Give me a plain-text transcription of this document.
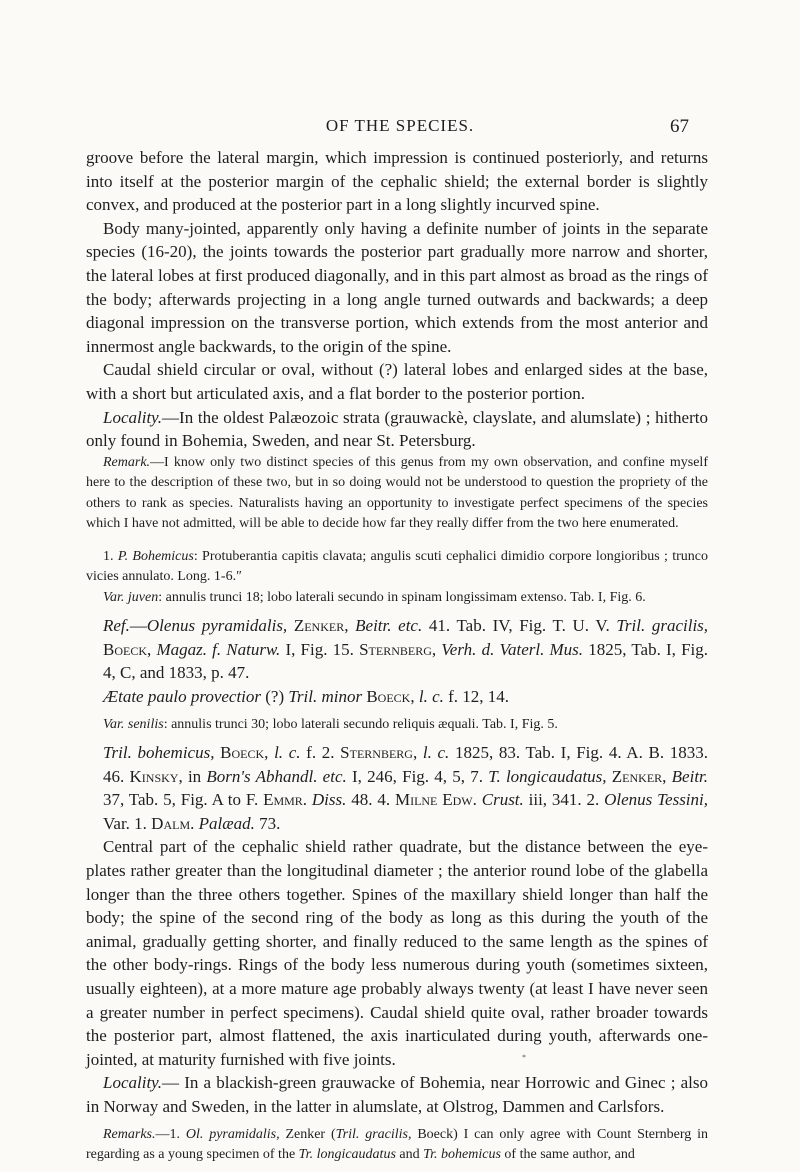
OF THE SPECIES.	67

groove before the lateral margin, which impression is continued posteriorly, and returns into itself at the posterior margin of the cephalic shield; the external border is slightly convex, and produced at the posterior part in a long slightly incurved spine.

Body many-jointed, apparently only having a definite number of joints in the separate species (16-20), the joints towards the posterior part gradually more narrow and shorter, the lateral lobes at first produced diagonally, and in this part almost as broad as the rings of the body; afterwards projecting in a long angle turned outwards and backwards; a deep diagonal impression on the transverse portion, which extends from the most anterior and innermost angle backwards, to the origin of the spine.

Caudal shield circular or oval, without (?) lateral lobes and enlarged sides at the base, with a short but articulated axis, and a flat border to the posterior portion.

Locality.—In the oldest Palæozoic strata (grauwackè, clayslate, and alumslate) ; hitherto only found in Bohemia, Sweden, and near St. Petersburg.

Remark.—I know only two distinct species of this genus from my own observation, and confine myself here to the description of these two, but in so doing would not be understood to question the propriety of the others to rank as species. Naturalists having an opportunity to investigate perfect specimens of the species which I have not admitted, will be able to decide how far they really differ from the two here enumerated.

1. P. Bohemicus: Protuberantia capitis clavata; angulis scuti cephalici dimidio corpore longioribus ; trunco vicies annulato. Long. 1-6.″

Var. juven: annulis trunci 18; lobo laterali secundo in spinam longissimam extenso. Tab. I, Fig. 6.

Ref.—Olenus pyramidalis, Zenker, Beitr. etc. 41. Tab. IV, Fig. T. U. V. Tril. gracilis, Boeck, Magaz. f. Naturw. I, Fig. 15. Sternberg, Verh. d. Vaterl. Mus. 1825, Tab. I, Fig. 4, C, and 1833, p. 47.

Ætate paulo provectior (?) Tril. minor Boeck, l. c. f. 12, 14.

Var. senilis: annulis trunci 30; lobo laterali secundo reliquis æquali. Tab. I, Fig. 5.

Tril. bohemicus, Boeck, l. c. f. 2. Sternberg, l. c. 1825, 83. Tab. I, Fig. 4. A. B. 1833. 46. Kinsky, in Born's Abhandl. etc. I, 246, Fig. 4, 5, 7. T. longicaudatus, Zenker, Beitr. 37, Tab. 5, Fig. A to F. Emmr. Diss. 48. 4. Milne Edw. Crust. iii, 341. 2. Olenus Tessini, Var. 1. Dalm. Palæad. 73.

Central part of the cephalic shield rather quadrate, but the distance between the eye-plates rather greater than the longitudinal diameter ; the anterior round lobe of the glabella longer than the three others together. Spines of the maxillary shield longer than half the body; the spine of the second ring of the body as long as this during the youth of the animal, gradually getting shorter, and finally reduced to the same length as the spines of the other body-rings. Rings of the body less numerous during youth (sometimes sixteen, usually eighteen), at a more mature age probably always twenty (at least I have never seen a greater number in perfect specimens). Caudal shield quite oval, rather broader towards the posterior part, almost flattened, the axis inarticulated during youth, afterwards one-jointed, at maturity furnished with five joints.

Locality.— In a blackish-green grauwacke of Bohemia, near Horrowic and Ginec ; also in Norway and Sweden, in the latter in alumslate, at Olstrog, Dammen and Carlsfors.

Remarks.—1. Ol. pyramidalis, Zenker (Tril. gracilis, Boeck) I can only agree with Count Sternberg in regarding as a young specimen of the Tr. longicaudatus and Tr. bohemicus of the same author, and

*
